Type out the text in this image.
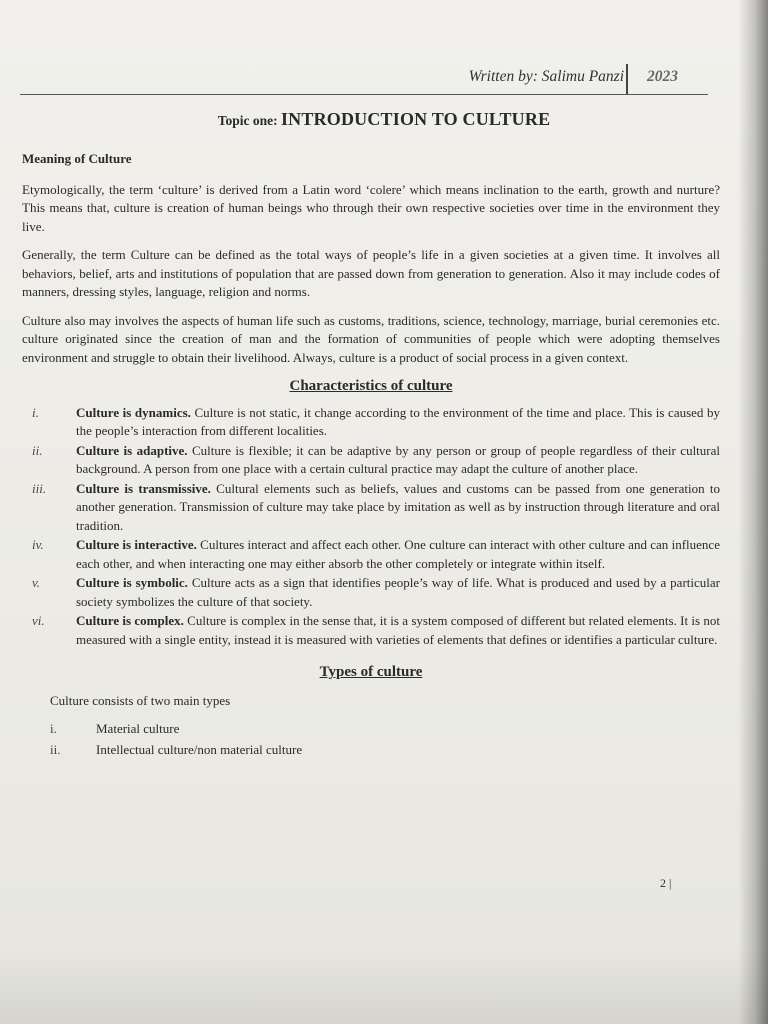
Written by: Salimu Panzi 2023
Topic one: INTRODUCTION TO CULTURE
Meaning of Culture

Etymologically, the term ‘culture’ is derived from a Latin word ‘colere’ which means inclination to the earth, growth and nurture? This means that, culture is creation of human beings who through their own respective societies over time in the environment they live.

Generally, the term Culture can be defined as the total ways of people’s life in a given societies at a given time. It involves all behaviors, belief, arts and institutions of population that are passed down from generation to generation. Also it may include codes of manners, dressing styles, language, religion and norms.

Culture also may involves the aspects of human life such as customs, traditions, science, technology, marriage, burial ceremonies etc. culture originated since the creation of man and the formation of communities of people which were adopting themselves environment and struggle to obtain their livelihood. Always, culture is a product of social process in a given context.

Characteristics of culture
i.	Culture is dynamics. Culture is not static, it change according to the environment of the time and place. This is caused by the people’s interaction from different localities.
ii.	Culture is adaptive. Culture is flexible; it can be adaptive by any person or group of people regardless of their cultural background. A person from one place with a certain cultural practice may adapt the culture of another place.
iii.	Culture is transmissive. Cultural elements such as beliefs, values and customs can be passed from one generation to another generation. Transmission of culture may take place by imitation as well as by instruction through literature and oral tradition.
iv.	Culture is interactive. Cultures interact and affect each other. One culture can interact with other culture and can influence each other, and when interacting one may either absorb the other completely or integrate within itself.
v.	Culture is symbolic. Culture acts as a sign that identifies people’s way of life. What is produced and used by a particular society symbolizes the culture of that society.
vi.	Culture is complex. Culture is complex in the sense that, it is a system composed of different but related elements. It is not measured with a single entity, instead it is measured with varieties of elements that defines or identifies a particular culture.
Types of culture
Culture consists of two main types
i.	Material culture
ii.	Intellectual culture/non material culture
2 |
